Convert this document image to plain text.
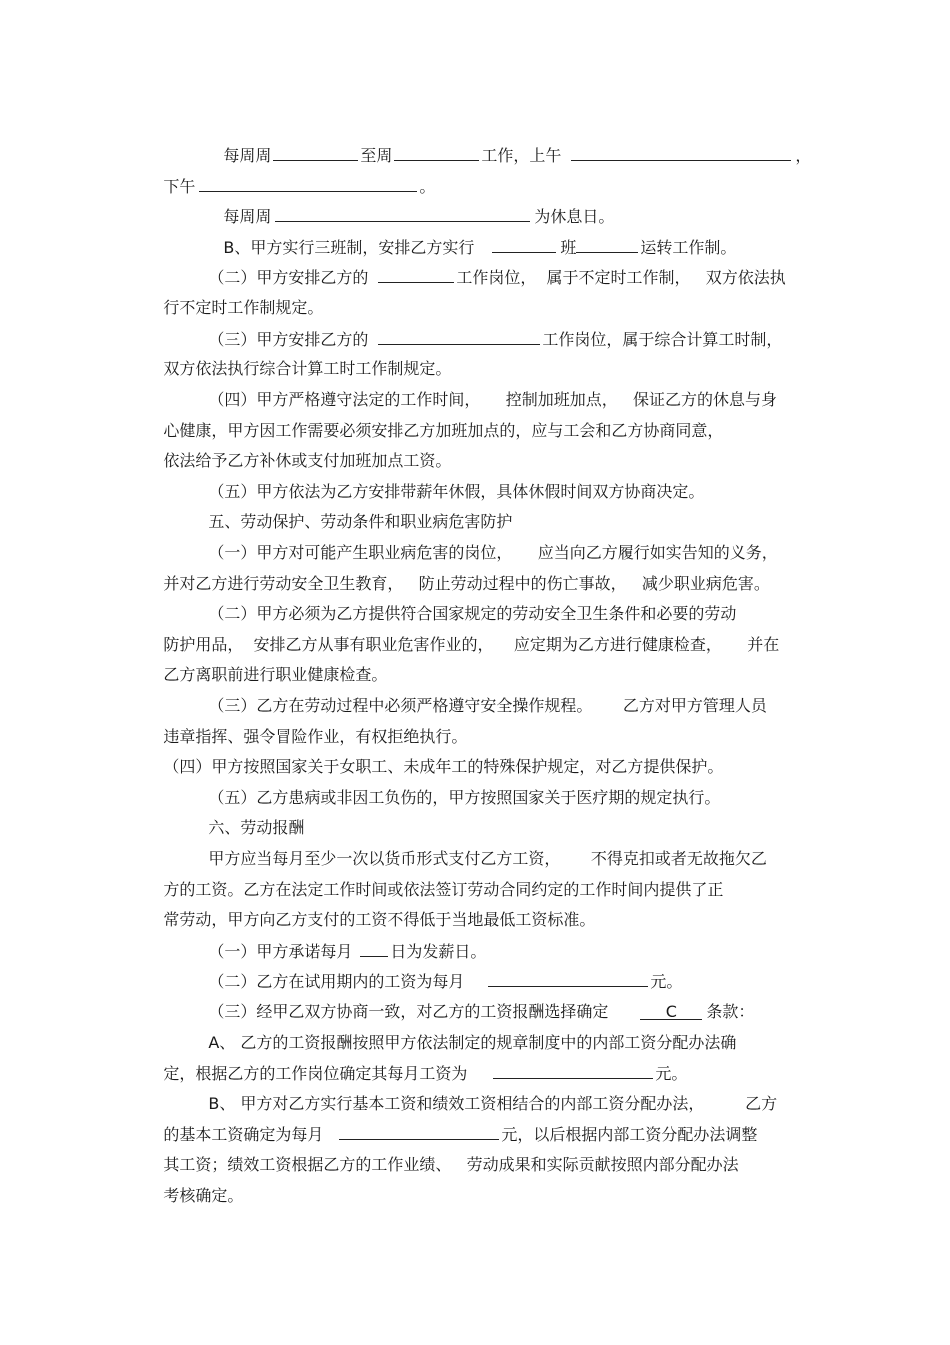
每周周	至周	工作，上午	，

下午	。

每周周	为休息日。

B、甲方实行三班制，安排乙方实行	班	运转工作制。

（二）甲方安排乙方的	工作岗位，  属于不定时工作制，   双方依法执

行不定时工作制规定。

（三）甲方安排乙方的	工作岗位，属于综合计算工时制，

双方依法执行综合计算工时工作制规定。

（四）甲方严格遵守法定的工作时间，     控制加班加点，   保证乙方的休息与身

心健康，甲方因工作需要必须安排乙方加班加点的，应与工会和乙方协商同意，

依法给予乙方补休或支付加班加点工资。

（五）甲方依法为乙方安排带薪年休假，具体休假时间双方协商决定。

五、劳动保护、劳动条件和职业病危害防护

（一）甲方对可能产生职业病危害的岗位，     应当向乙方履行如实告知的义务，

并对乙方进行劳动安全卫生教育，   防止劳动过程中的伤亡事故，   减少职业病危害。

（二）甲方必须为乙方提供符合国家规定的劳动安全卫生条件和必要的劳动

防护用品，  安排乙方从事有职业危害作业的，    应定期为乙方进行健康检查，     并在

乙方离职前进行职业健康检查。

（三）乙方在劳动过程中必须严格遵守安全操作规程。      乙方对甲方管理人员

违章指挥、强令冒险作业，有权拒绝执行。

（四）甲方按照国家关于女职工、未成年工的特殊保护规定，对乙方提供保护。

（五）乙方患病或非因工负伤的，甲方按照国家关于医疗期的规定执行。

六、劳动报酬

甲方应当每月至少一次以货币形式支付乙方工资，      不得克扣或者无故拖欠乙

方的工资。乙方在法定工作时间或依法签订劳动合同约定的工作时间内提供了正

常劳动，甲方向乙方支付的工资不得低于当地最低工资标准。

（一）甲方承诺每月 日为发薪日。

（二）乙方在试用期内的工资为每月	元。

（三）经甲乙双方协商一致，对乙方的工资报酬选择确定	C 条款：

A、 乙方的工资报酬按照甲方依法制定的规章制度中的内部工资分配办法确

定，根据乙方的工作岗位确定其每月工资为	元。

B、 甲方对乙方实行基本工资和绩效工资相结合的内部工资分配办法，        乙方

的基本工资确定为每月	元，以后根据内部工资分配办法调整

其工资；绩效工资根据乙方的工作业绩、   劳动成果和实际贡献按照内部分配办法

考核确定。
